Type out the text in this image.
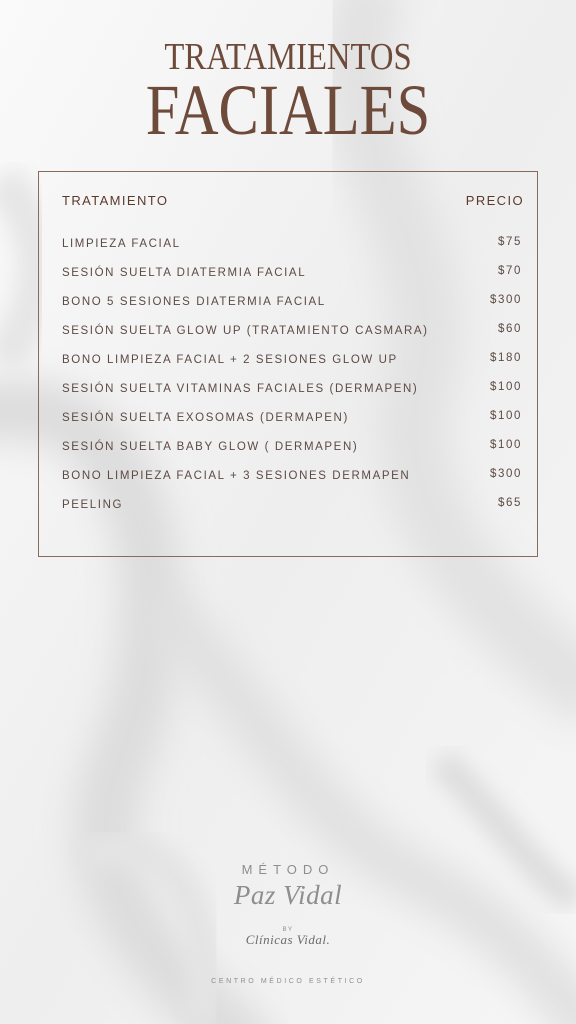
TRATAMIENTOS
FACIALES
TRATAMIENTO	PRECIO
LIMPIEZA FACIAL	$75
SESIÓN SUELTA DIATERMIA FACIAL	$70
BONO 5 SESIONES DIATERMIA FACIAL	$300
SESIÓN SUELTA GLOW UP (TRATAMIENTO CASMARA)	$60
BONO LIMPIEZA FACIAL + 2 SESIONES GLOW UP	$180
SESIÓN SUELTA VITAMINAS FACIALES (DERMAPEN)	$100
SESIÓN SUELTA EXOSOMAS (DERMAPEN)	$100
SESIÓN SUELTA BABY GLOW ( DERMAPEN)	$100
BONO LIMPIEZA FACIAL + 3 SESIONES DERMAPEN	$300
PEELING	$65
MÉTODO
Paz Vidal
BY
Clínicas Vidal.
CENTRO MÉDICO ESTÉTICO
